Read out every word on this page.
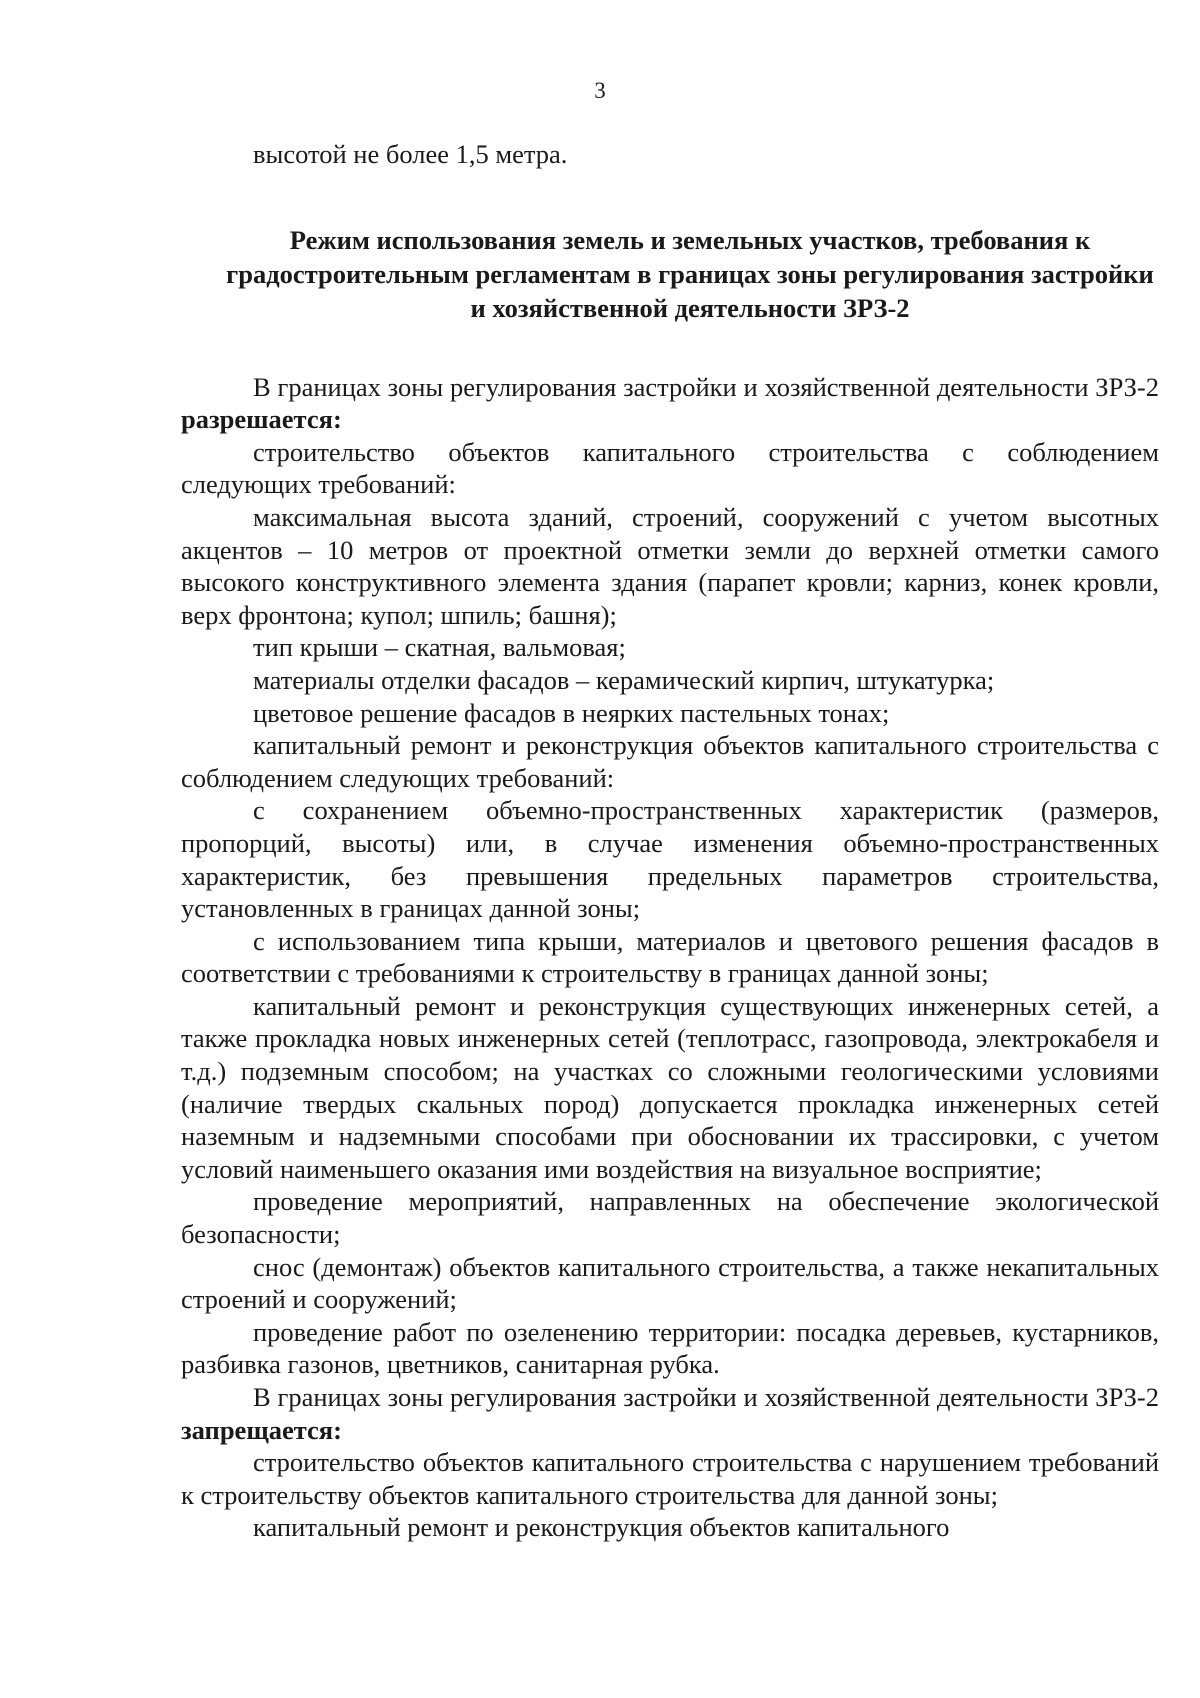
3

высотой не более 1,5 метра.

Режим использования земель и земельных участков, требования к градостроительным регламентам в границах зоны регулирования застройки и хозяйственной деятельности ЗРЗ-2

В границах зоны регулирования застройки и хозяйственной деятельности ЗРЗ-2 разрешается:

строительство объектов капитального строительства с соблюдением следующих требований:

максимальная высота зданий, строений, сооружений с учетом высотных акцентов – 10 метров от проектной отметки земли до верхней отметки самого высокого конструктивного элемента здания (парапет кровли; карниз, конек кровли, верх фронтона; купол; шпиль; башня);

тип крыши – скатная, вальмовая;

материалы отделки фасадов – керамический кирпич, штукатурка;

цветовое решение фасадов в неярких пастельных тонах;

капитальный ремонт и реконструкция объектов капитального строительства с соблюдением следующих требований:

с сохранением объемно-пространственных характеристик (размеров, пропорций, высоты) или, в случае изменения объемно-пространственных характеристик, без превышения предельных параметров строительства, установленных в границах данной зоны;

с использованием типа крыши, материалов и цветового решения фасадов в соответствии с требованиями к строительству в границах данной зоны;

капитальный ремонт и реконструкция существующих инженерных сетей, а также прокладка новых инженерных сетей (теплотрасс, газопровода, электрокабеля и т.д.) подземным способом; на участках со сложными геологическими условиями (наличие твердых скальных пород) допускается прокладка инженерных сетей наземным и надземными способами при обосновании их трассировки, с учетом условий наименьшего оказания ими воздействия на визуальное восприятие;

проведение мероприятий, направленных на обеспечение экологической безопасности;

снос (демонтаж) объектов капитального строительства, а также некапитальных строений и сооружений;

проведение работ по озеленению территории: посадка деревьев, кустарников, разбивка газонов, цветников, санитарная рубка.

В границах зоны регулирования застройки и хозяйственной деятельности ЗРЗ-2 запрещается:

строительство объектов капитального строительства с нарушением требований к строительству объектов капитального строительства для данной зоны;

капитальный ремонт и реконструкция объектов капитального
